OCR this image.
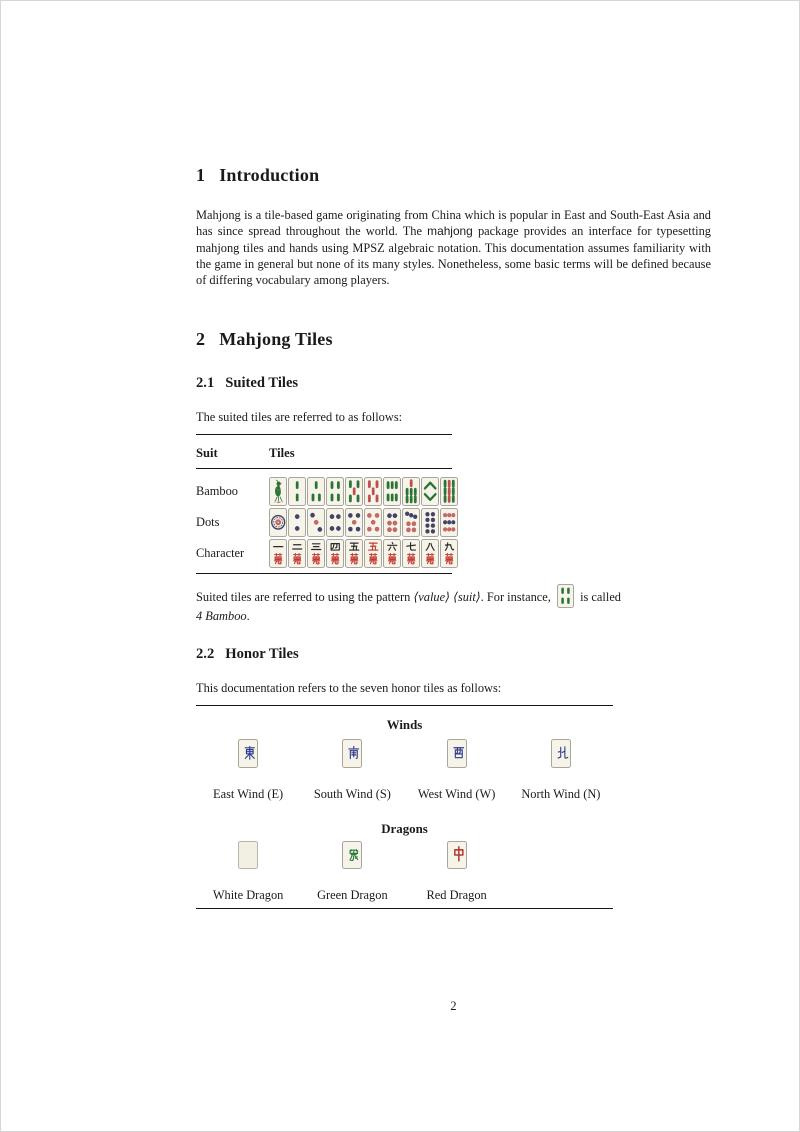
1 Introduction

Mahjong is a tile-based game originating from China which is popular in East and South-East Asia and has since spread throughout the world. The mahjong package provides an interface for typesetting mahjong tiles and hands using MPSZ algebraic notation. This documentation assumes familiarity with the game in general but none of its many styles. Nonetheless, some basic terms will be defined because of differing vocabulary among players.

2 Mahjong Tiles
2.1 Suited Tiles

The suited tiles are referred to as follows:

Suit	Tiles
Bamboo
Dots
Character

Suited tiles are referred to using the pattern ⟨value⟩ ⟨suit⟩. For instance,
is called
4 Bamboo.

2.2 Honor Tiles

This documentation refers to the seven honor tiles as follows:

Winds
East Wind (E)	South Wind (S)	West Wind (W)	North Wind (N)
Dragons
White Dragon	Green Dragon	Red Dragon
2
